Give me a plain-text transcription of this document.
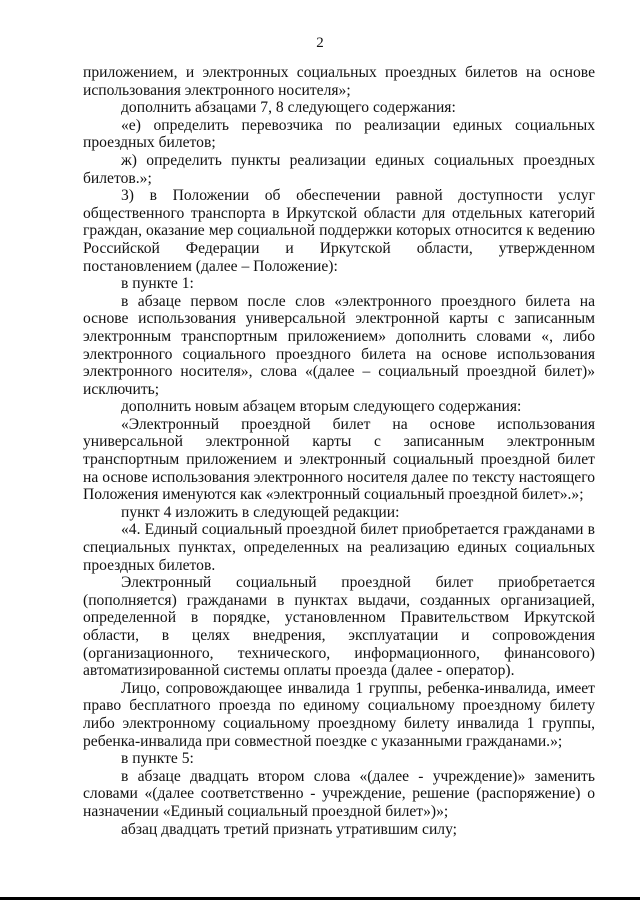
2

приложением, и электронных социальных проездных билетов на основе использования электронного носителя»;

дополнить абзацами 7, 8 следующего содержания:

«е) определить перевозчика по реализации единых социальных проездных билетов;

ж) определить пункты реализации единых социальных проездных билетов.»;

3) в Положении об обеспечении равной доступности услуг общественного транспорта в Иркутской области для отдельных категорий граждан, оказание мер социальной поддержки которых относится к ведению Российской Федерации и Иркутской области, утвержденном постановлением (далее – Положение):

в пункте 1:

в абзаце первом после слов «электронного проездного билета на основе использования универсальной электронной карты с записанным электронным транспортным приложением» дополнить словами «, либо электронного социального проездного билета на основе использования электронного носителя», слова «(далее – социальный проездной билет)» исключить;

дополнить новым абзацем вторым следующего содержания:

«Электронный проездной билет на основе использования универсальной электронной карты с записанным электронным транспортным приложением и электронный социальный проездной билет на основе использования электронного носителя далее по тексту настоящего Положения именуются как «электронный социальный проездной билет».»;

пункт 4 изложить в следующей редакции:

«4. Единый социальный проездной билет приобретается гражданами в специальных пунктах, определенных на реализацию единых социальных проездных билетов.

Электронный социальный проездной билет приобретается (пополняется) гражданами в пунктах выдачи, созданных организацией, определенной в порядке, установленном Правительством Иркутской области, в целях внедрения, эксплуатации и сопровождения (организационного, технического, информационного, финансового) автоматизированной системы оплаты проезда (далее - оператор).

Лицо, сопровождающее инвалида 1 группы, ребенка-инвалида, имеет право бесплатного проезда по единому социальному проездному билету либо электронному социальному проездному билету инвалида 1 группы, ребенка-инвалида при совместной поездке с указанными гражданами.»;

в пункте 5:

в абзаце двадцать втором слова «(далее - учреждение)» заменить словами «(далее соответственно - учреждение, решение (распоряжение) о назначении «Единый социальный проездной билет»)»;

абзац двадцать третий признать утратившим силу;
